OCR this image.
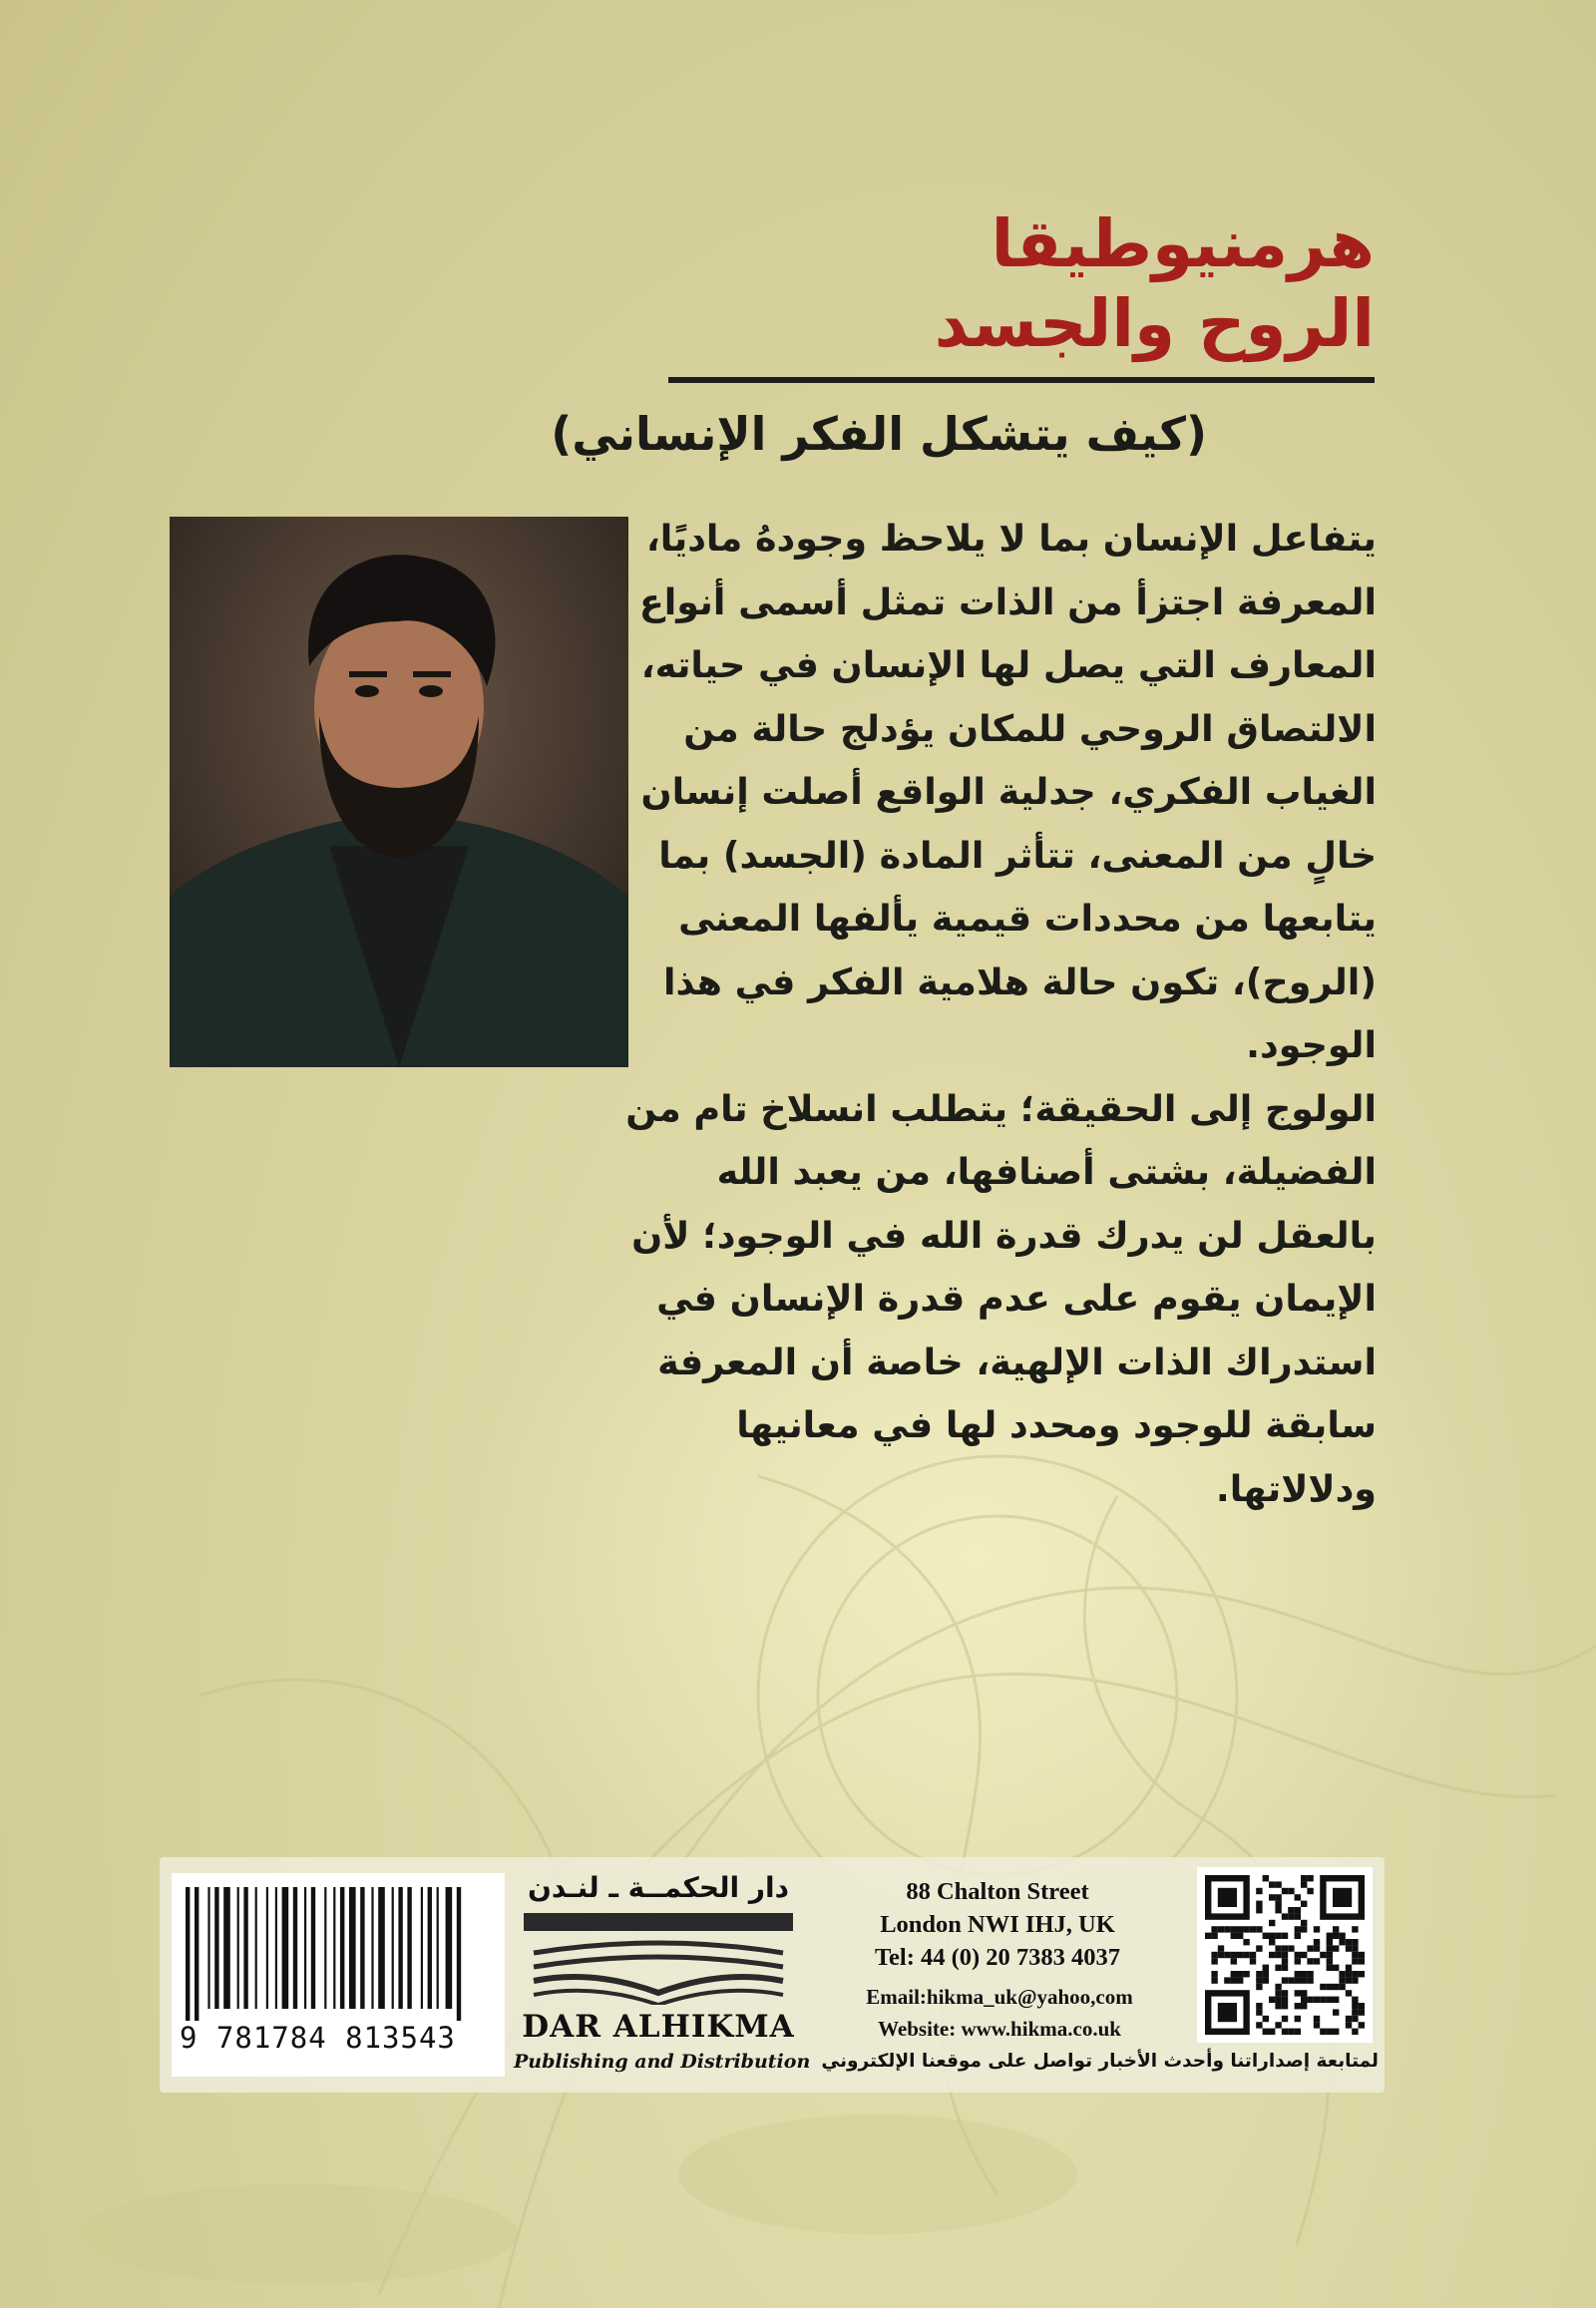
هرمنيوطيقا
الروح والجسد
(كيف يتشكل الفكر الإنساني)
يتفاعل الإنسان بما لا يلاحظ وجودهُ ماديًا،
المعرفة اجتزأ من الذات تمثل أسمى أنواع
المعارف التي يصل لها الإنسان في حياته،
الالتصاق الروحي للمكان يؤدلج حالة من
الغياب الفكري، جدلية الواقع أصلت إنسان
خالٍ من المعنى، تتأثر المادة (الجسد) بما
يتابعها من محددات قيمية يألفها المعنى
(الروح)، تكون حالة هلامية الفكر في هذا
الوجود.
الولوج إلى الحقيقة؛ يتطلب انسلاخ تام من
الفضيلة، بشتى أصنافها، من يعبد الله
بالعقل لن يدرك قدرة الله في الوجود؛ لأن
الإيمان يقوم على عدم قدرة الإنسان في
استدراك الذات الإلهية، خاصة أن المعرفة
سابقة للوجود ومحدد لها في معانيها
ودلالاتها.
9 781784 813543
دار الحكمــة ـ لنـدن
DAR ALHIKMA
Publishing and Distribution
88 Chalton Street
London NWI IHJ, UK
Tel: 44 (0) 20 7383 4037
Email:hikma_uk@yahoo,com
Website: www.hikma.co.uk
لمتابعة إصداراتنا وأحدث الأخبار تواصل على موقعنا الإلكتروني
